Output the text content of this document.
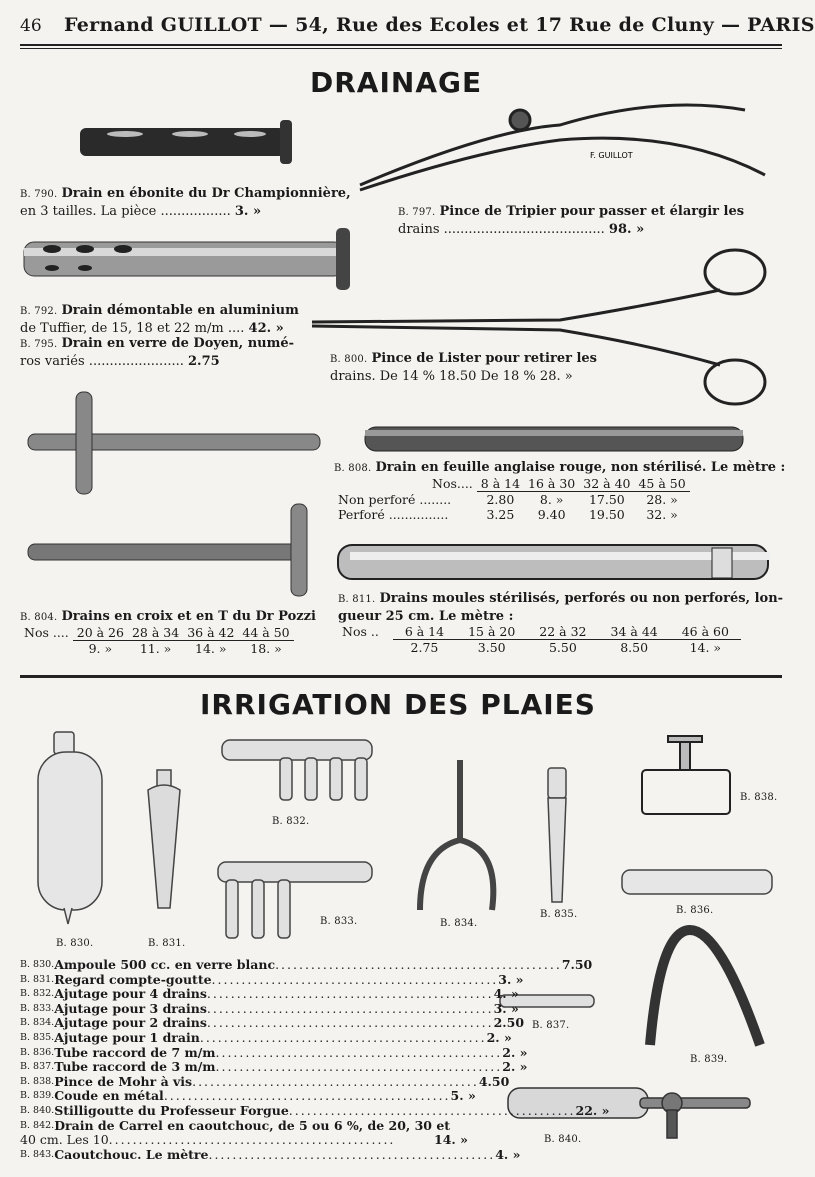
46 Fernand GUILLOT — 54, Rue des Ecoles et 17 Rue de Cluny — PARIS
DRAINAGE
F. GUILLOT
B. 790. Drain en ébonite du Dr Championnière,
en 3 tailles. La pièce ................. 3. »	B. 797. Pince de Tripier pour passer et élargir les
drains ....................................... 98. »
B. 792. Drain démontable en aluminium
de Tuffier, de 15, 18 et 22 m/m .... 42. »
B. 795. Drain en verre de Doyen, numé-
ros variés ....................... 2.75	B. 800. Pince de Lister pour retirer les
drains. De 14 % 18.50 De 18 % 28. »
B. 808. Drain en feuille anglaise rouge, non stérilisé. Le mètre :
Nos....	8 à 14	16 à 30	32 à 40	45 à 50
Non perforé ........	2.80	8. »	17.50	28. »
Perforé ...............	3.25	9.40	19.50	32. »
B. 804. Drains en croix et en T du Dr Pozzi
Nos ....	20 à 26	28 à 34	36 à 42	44 à 50
	9. »	11. »	14. »	18. »
B. 811. Drains moules stérilisés, perforés ou non perforés, lon-
gueur 25 cm. Le mètre :
Nos ..	6 à 14	15 à 20	22 à 32	34 à 44	46 à 60
	2.75	3.50	5.50	8.50	14. »
IRRIGATION DES PLAIES
B. 830.	B. 831.
B. 832.
B. 833.	B. 834.
B. 835.	B. 836.
B. 837.
B. 838.
B. 839.
B. 840.
B. 830. Ampoule 500 cc. en verre blanc ................................................ 7.50
B. 831. Regard compte-goutte ................................................ 3. »
B. 832. Ajutage pour 4 drains ................................................ 4. »
B. 833. Ajutage pour 3 drains ................................................ 3. »
B. 834. Ajutage pour 2 drains ................................................ 2.50
B. 835. Ajutage pour 1 drain ................................................ 2. »
B. 836. Tube raccord de 7 m/m ................................................ 2. »
B. 837. Tube raccord de 3 m/m ................................................ 2. »
B. 838. Pince de Mohr à vis ................................................ 4.50
B. 839. Coude en métal ................................................ 5. »
B. 840. Stilligoutte du Professeur Forgue ................................................ 22. »
B. 842. Drain de Carrel en caoutchouc, de 5 ou 6 %, de 20, 30 et
40 cm. Les 10 ................................................	14. »
B. 843. Caoutchouc. Le mètre ................................................ 4. »
